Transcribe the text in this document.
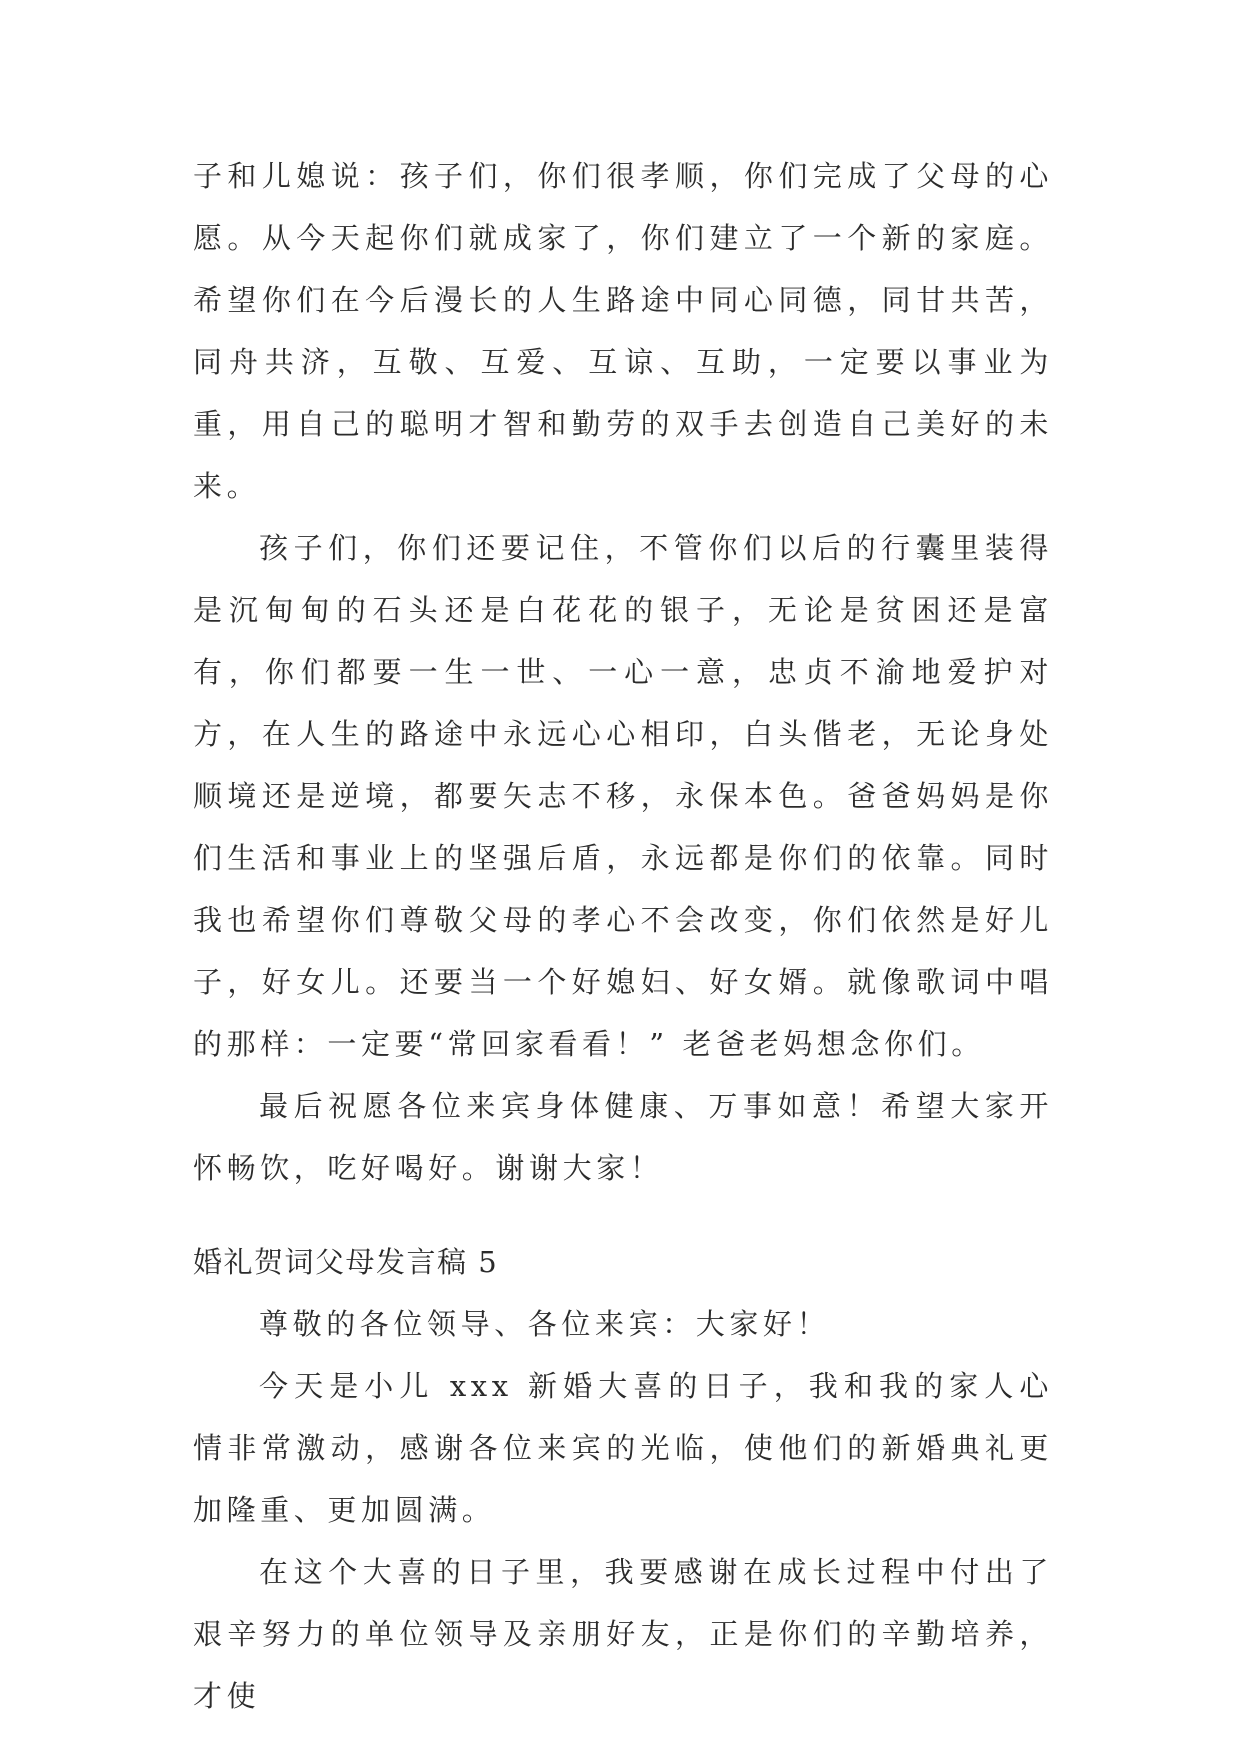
子和儿媳说：孩子们，你们很孝顺，你们完成了父母的心愿。从今天起你们就成家了，你们建立了一个新的家庭。希望你们在今后漫长的人生路途中同心同德，同甘共苦，同舟共济，互敬、互爱、互谅、互助，一定要以事业为重，用自己的聪明才智和勤劳的双手去创造自己美好的未来。

孩子们，你们还要记住，不管你们以后的行囊里装得是沉甸甸的石头还是白花花的银子，无论是贫困还是富有，你们都要一生一世、一心一意，忠贞不渝地爱护对方，在人生的路途中永远心心相印，白头偕老，无论身处顺境还是逆境，都要矢志不移，永保本色。爸爸妈妈是你们生活和事业上的坚强后盾，永远都是你们的依靠。同时我也希望你们尊敬父母的孝心不会改变，你们依然是好儿子，好女儿。还要当一个好媳妇、好女婿。就像歌词中唱的那样：一定要“常回家看看！” 老爸老妈想念你们。

最后祝愿各位来宾身体健康、万事如意！希望大家开怀畅饮，吃好喝好。谢谢大家！

婚礼贺词父母发言稿 5

尊敬的各位领导、各位来宾：大家好！

今天是小儿 xxx 新婚大喜的日子，我和我的家人心情非常激动，感谢各位来宾的光临，使他们的新婚典礼更加隆重、更加圆满。

在这个大喜的日子里，我要感谢在成长过程中付出了艰辛努力的单位领导及亲朋好友，正是你们的辛勤培养，才使
